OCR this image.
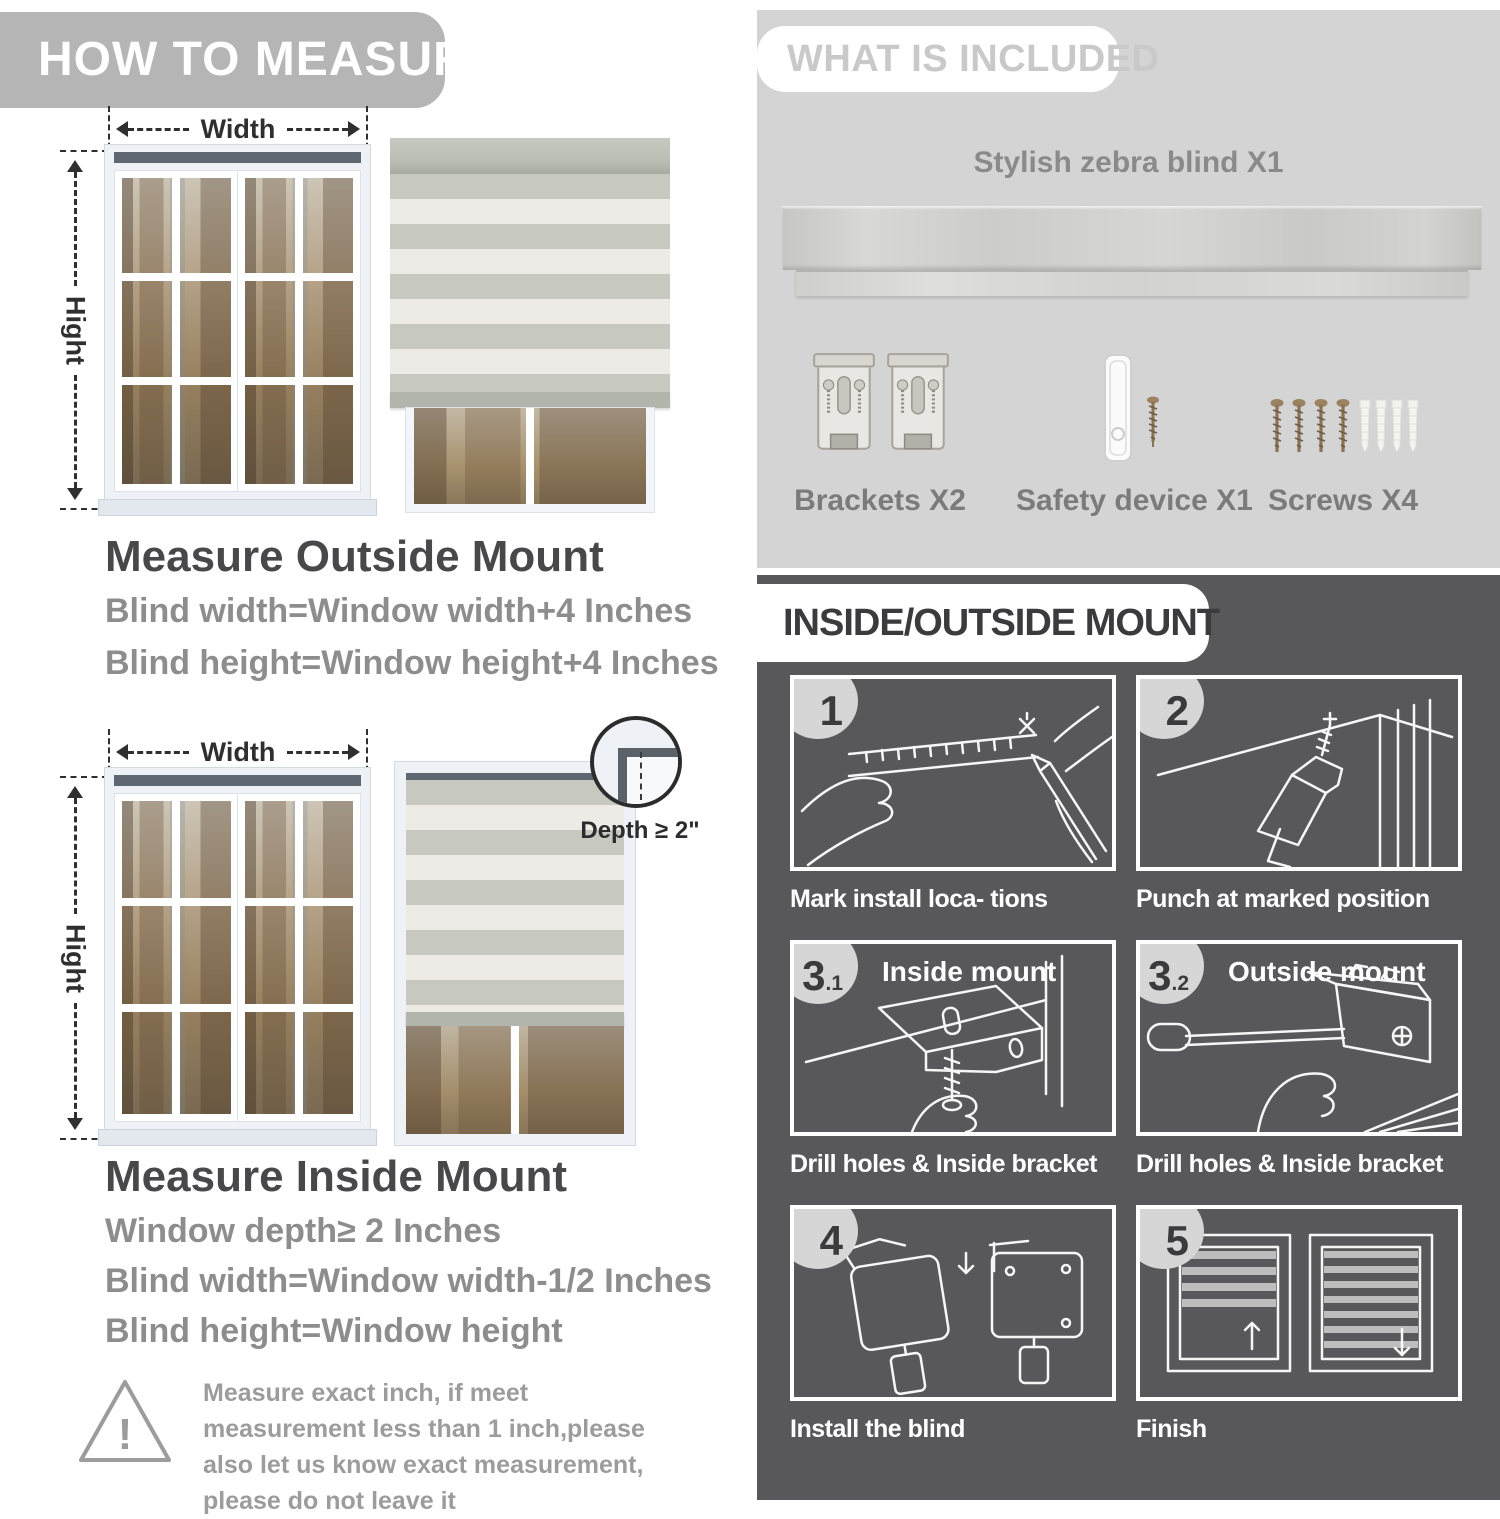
HOW TO MEASURE
Width
Hight
Measure Outside Mount
Blind width=Window width+4 Inches
Blind height=Window height+4 Inches
Width
Hight
Depth ≥ 2"
Measure Inside Mount
Window depth≥ 2 Inches
Blind width=Window width-1/2 Inches
Blind height=Window height
!

Measure exact inch, if meet measurement less than 1 inch,please also let us know exact measurement, please do not leave it

WHAT IS INCLUDED
Stylish zebra blind X1
Brackets X2	Safety device X1 Screws X4
INSIDE/OUTSIDE MOUNT
1
Mark install loca- tions
2
Punch at marked position
3 .1 Inside mount
Drill holes & Inside bracket
3 .2 Outside mount
Drill holes & Inside bracket
4
Install the blind
5
Finish
